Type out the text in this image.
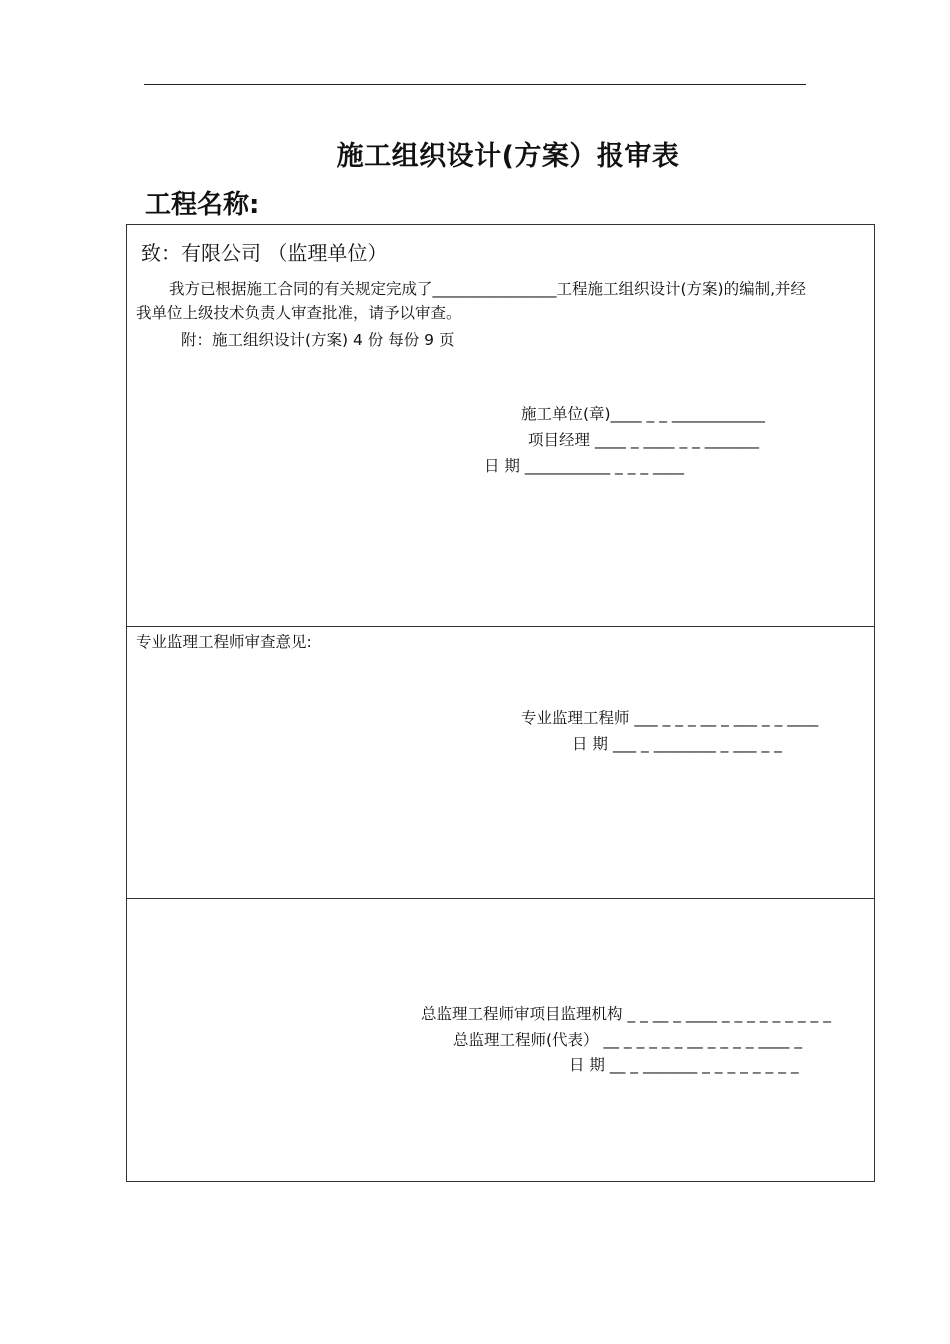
施工组织设计(方案）报审表
工程名称:
致：有限公司 （监理单位）
我方已根据施工合同的有关规定完成了________________工程施工组织设计(方案)的编制,并经
我单位上级技术负责人审查批准，请予以审查。
附：施工组织设计(方案) 4 份 每份 9 页
施工单位(章)____ _ _ ____________
项目经理 ____ _ ____ _ _ _______
日 期 ___________ _ _ _ ____
专业监理工程师审查意见:
专业监理工程师 ___ _ _ _ __ _ ___ _ _ ____
日 期 ___ _ ________ _ ___ _ _
总监理工程师审项目监理机构 _ _ __ _ ____ _ _ _ _ _ _ _ _ _
总监理工程师(代表） __ _ _ _ _ _ __ _ _ _ _ ____ _
日 期 __ _ _______ _ _ _ _ _ _ _ _
